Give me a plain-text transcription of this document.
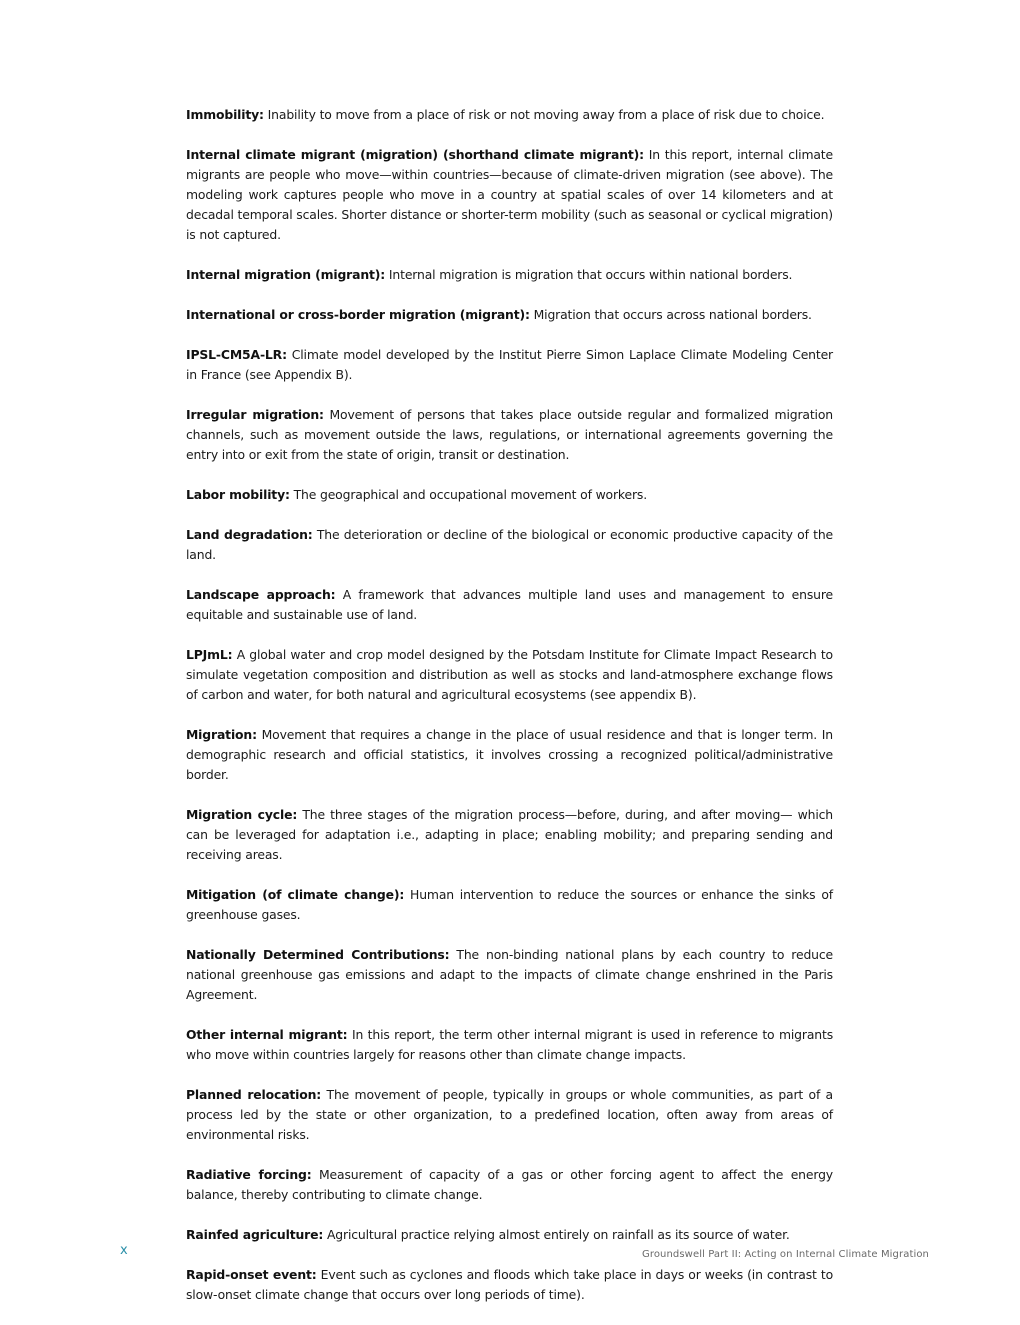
Immobility: Inability to move from a place of risk or not moving away from a place of risk due to choice.

Internal climate migrant (migration) (shorthand climate migrant): In this report, internal climate migrants are people who move—within countries—because of climate-driven migration (see above). The modeling work captures people who move in a country at spatial scales of over 14 kilometers and at decadal temporal scales. Shorter distance or shorter-term mobility (such as seasonal or cyclical migration) is not captured.

Internal migration (migrant): Internal migration is migration that occurs within national borders.

International or cross-border migration (migrant): Migration that occurs across national borders.

IPSL-CM5A-LR: Climate model developed by the Institut Pierre Simon Laplace Climate Modeling Center in France (see Appendix B).

Irregular migration: Movement of persons that takes place outside regular and formalized migration channels, such as movement outside the laws, regulations, or international agreements governing the entry into or exit from the state of origin, transit or destination.

Labor mobility: The geographical and occupational movement of workers.

Land degradation: The deterioration or decline of the biological or economic productive capacity of the land.

Landscape approach: A framework that advances multiple land uses and management to ensure equitable and sustainable use of land.

LPJmL: A global water and crop model designed by the Potsdam Institute for Climate Impact Research to simulate vegetation composition and distribution as well as stocks and land-atmosphere exchange flows of carbon and water, for both natural and agricultural ecosystems (see appendix B).

Migration: Movement that requires a change in the place of usual residence and that is longer term. In demographic research and official statistics, it involves crossing a recognized political/administrative border.

Migration cycle: The three stages of the migration process—before, during, and after moving— which can be leveraged for adaptation i.e., adapting in place; enabling mobility; and preparing sending and receiving areas.

Mitigation (of climate change): Human intervention to reduce the sources or enhance the sinks of greenhouse gases.

Nationally Determined Contributions: The non-binding national plans by each country to reduce national greenhouse gas emissions and adapt to the impacts of climate change enshrined in the Paris Agreement.

Other internal migrant: In this report, the term other internal migrant is used in reference to migrants who move within countries largely for reasons other than climate change impacts.

Planned relocation: The movement of people, typically in groups or whole communities, as part of a process led by the state or other organization, to a predefined location, often away from areas of environmental risks.

Radiative forcing: Measurement of capacity of a gas or other forcing agent to affect the energy balance, thereby contributing to climate change.

Rainfed agriculture: Agricultural practice relying almost entirely on rainfall as its source of water.

Rapid-onset event: Event such as cyclones and floods which take place in days or weeks (in contrast to slow-onset climate change that occurs over long periods of time).

x	Groundswell Part II: Acting on Internal Climate Migration
